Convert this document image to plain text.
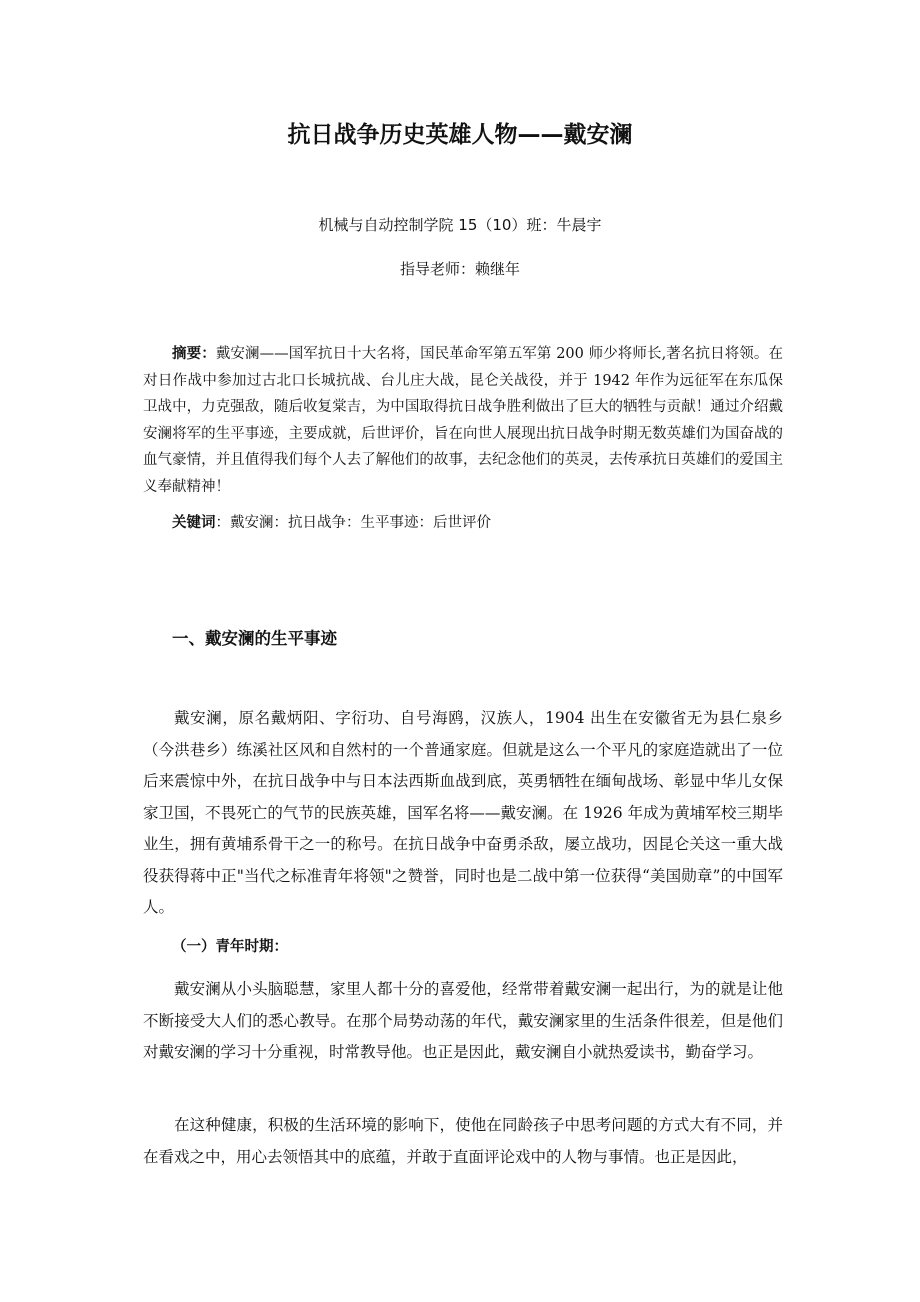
抗日战争历史英雄人物——戴安澜
机械与自动控制学院 15（10）班：牛晨宇
指导老师：赖继年
摘要：戴安澜——国军抗日十大名将，国民革命军第五军第 200 师少将师长,著名抗日将领。在对日作战中参加过古北口长城抗战、台儿庄大战，昆仑关战役，并于 1942 年作为远征军在东瓜保卫战中，力克强敌，随后收复棠吉，为中国取得抗日战争胜利做出了巨大的牺牲与贡献！通过介绍戴安澜将军的生平事迹，主要成就，后世评价，旨在向世人展现出抗日战争时期无数英雄们为国奋战的血气豪情，并且值得我们每个人去了解他们的故事，去纪念他们的英灵，去传承抗日英雄们的爱国主义奉献精神！
关键词：戴安澜：抗日战争：生平事迹：后世评价
一、戴安澜的生平事迹

戴安澜，原名戴炳阳、字衍功、自号海鸥，汉族人，1904 出生在安徽省无为县仁泉乡（今洪巷乡）练溪社区风和自然村的一个普通家庭。但就是这么一个平凡的家庭造就出了一位后来震惊中外，在抗日战争中与日本法西斯血战到底，英勇牺牲在缅甸战场、彰显中华儿女保家卫国，不畏死亡的气节的民族英雄，国军名将——戴安澜。在 1926 年成为黄埔军校三期毕业生，拥有黄埔系骨干之一的称号。在抗日战争中奋勇杀敌，屡立战功，因昆仑关这一重大战役获得蒋中正"当代之标准青年将领"之赞誉，同时也是二战中第一位获得“美国勋章”的中国军人。

（一）青年时期：

戴安澜从小头脑聪慧，家里人都十分的喜爱他，经常带着戴安澜一起出行，为的就是让他不断接受大人们的悉心教导。在那个局势动荡的年代，戴安澜家里的生活条件很差，但是他们对戴安澜的学习十分重视，时常教导他。也正是因此，戴安澜自小就热爱读书，勤奋学习。

在这种健康，积极的生活环境的影响下，使他在同龄孩子中思考问题的方式大有不同，并在看戏之中，用心去领悟其中的底蕴，并敢于直面评论戏中的人物与事情。也正是因此，
